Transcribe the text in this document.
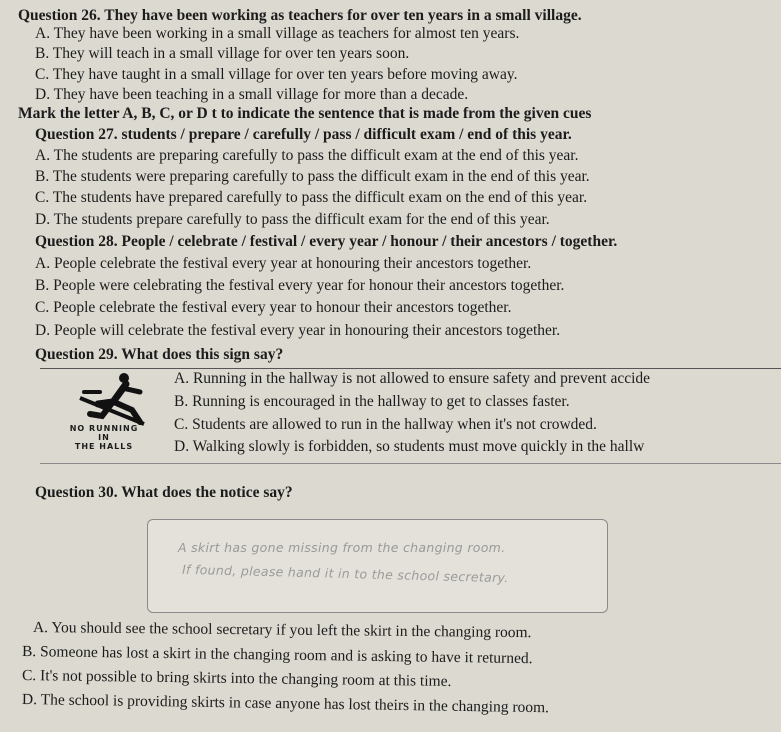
Question 26. They have been working as teachers for over ten years in a small village.
A. They have been working in a small village as teachers for almost ten years.
B. They will teach in a small village for over ten years soon.
C. They have taught in a small village for over ten years before moving away.
D. They have been teaching in a small village for more than a decade.
Mark the letter A, B, C, or D t to indicate the sentence that is made from the given cues
Question 27. students / prepare / carefully / pass / difficult exam / end of this year.
A. The students are preparing carefully to pass the difficult exam at the end of this year.
B. The students were preparing carefully to pass the difficult exam in the end of this year.
C. The students have prepared carefully to pass the difficult exam on the end of this year.
D. The students prepare carefully to pass the difficult exam for the end of this year.
Question 28. People / celebrate / festival / every year / honour / their ancestors / together.
A. People celebrate the festival every year at honouring their ancestors together.
B. People were celebrating the festival every year for honour their ancestors together.
C. People celebrate the festival every year to honour their ancestors together.
D. People will celebrate the festival every year in honouring their ancestors together.
Question 29. What does this sign say?
NO RUNNING
IN
THE HALLS
A. Running in the hallway is not allowed to ensure safety and prevent accide
B. Running is encouraged in the hallway to get to classes faster.
C. Students are allowed to run in the hallway when it's not crowded.
D. Walking slowly is forbidden, so students must move quickly in the hallw
Question 30. What does the notice say?
A skirt has gone missing from the changing room.
If found, please hand it in to the school secretary.
A. You should see the school secretary if you left the skirt in the changing room.
B. Someone has lost a skirt in the changing room and is asking to have it returned.
C. It's not possible to bring skirts into the changing room at this time.
D. The school is providing skirts in case anyone has lost theirs in the changing room.
